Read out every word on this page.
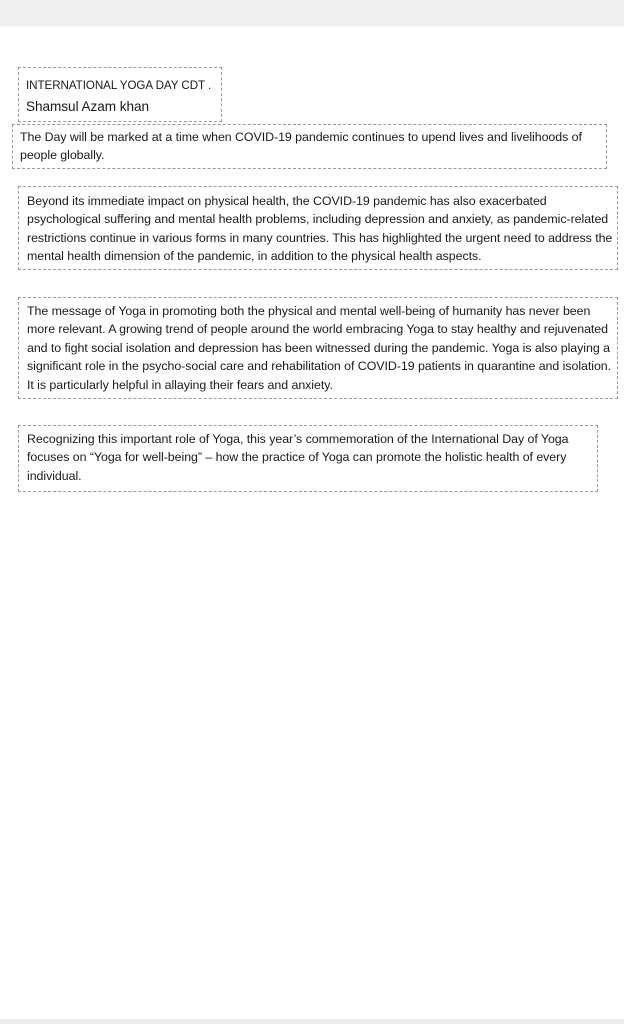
INTERNATIONAL YOGA DAY CDT .

Shamsul Azam khan

The Day will be marked at a time when COVID-19 pandemic continues to upend lives and livelihoods of people globally.

Beyond its immediate impact on physical health, the COVID-19 pandemic has also exacerbated psychological suffering and mental health problems, including depression and anxiety, as pandemic-related restrictions continue in various forms in many countries. This has highlighted the urgent need to address the mental health dimension of the pandemic, in addition to the physical health aspects.

The message of Yoga in promoting both the physical and mental well-being of humanity has never been more relevant. A growing trend of people around the world embracing Yoga to stay healthy and rejuvenated and to fight social isolation and depression has been witnessed during the pandemic. Yoga is also playing a significant role in the psycho-social care and rehabilitation of COVID-19 patients in quarantine and isolation. It is particularly helpful in allaying their fears and anxiety.

Recognizing this important role of Yoga, this year’s commemoration of the International Day of Yoga focuses on “Yoga for well-being” – how the practice of Yoga can promote the holistic health of every individual.
